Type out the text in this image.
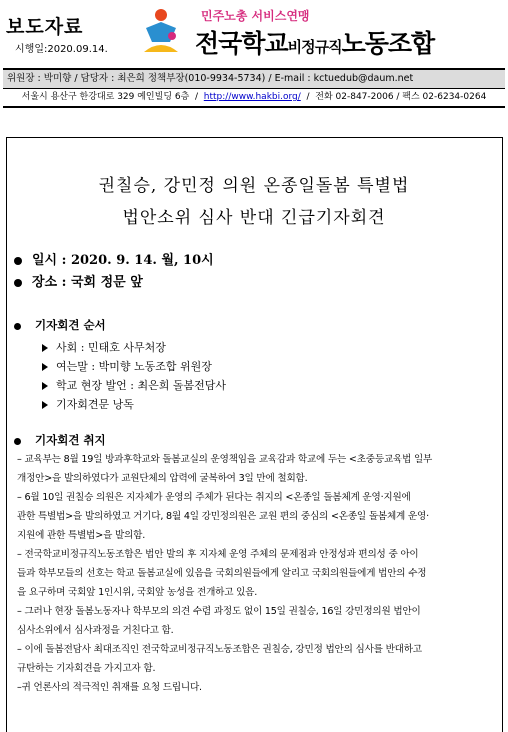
보도자료
시행일:2020.09.14.
민주노총 서비스연맹
전국학교비정규직노동조합
위원장 : 박미향 / 담당자 : 최은희 정책부장(010-9934-5734) / E-mail : kctuedub@daum.net
서울시 용산구 한강대로 329 예인빌딩 6층  /  http://www.hakbi.org/  /  전화 02-847-2006 / 팩스 02-6234-0264
권칠승, 강민정 의원 온종일돌봄 특별법
법안소위 심사 반대 긴급기자회견
일시 : 2020. 9. 14. 월, 10시
장소 : 국회 정문 앞
기자회견 순서
사회 : 민태호 사무처장
여는말 : 박미향 노동조합 위원장
학교 현장 발언 : 최은희 돌봄전담사
기자회견문 낭독
기자회견 취지
– 교육부는 8월 19일 방과후학교와 돌봄교실의 운영책임을 교육감과 학교에 두는 <초중등교육법 일부
개정안>을 발의하였다가 교원단체의 압력에 굴복하여 3일 만에 철회함.
– 6월 10일 권칠승 의원은 지자체가 운영의 주체가 된다는 취지의 <온종일 돌봄체계 운영·지원에
관한 특별법>을 발의하였고 거기다, 8월 4일 강민정의원은 교원 편의 중심의 <온종일 돌봄체계 운영·
지원에 관한 특별법>을 발의함.
– 전국학교비정규직노동조합은 법안 발의 후 지자체 운영 주체의 문제점과 안정성과 편의성 중 아이
들과 학부모들의 선호는 학교 돌봄교실에 있음을 국회의원들에게 알리고 국회의원들에게 법안의 수정
을 요구하며 국회앞 1인시위, 국회앞 농성을 전개하고 있음.
– 그러나 현장 돌봄노동자나 학부모의 의견 수렴 과정도 없이 15일 권칠승, 16일 강민정의원 법안이
심사소위에서 심사과정을 거친다고 함.
– 이에 돌봄전담사 최대조직인 전국학교비정규직노동조합은 권칠승, 강민정 법안의 심사를 반대하고
규탄하는 기자회견을 가지고자 함.
–귀 언론사의 적극적인 취재를 요청 드립니다.
